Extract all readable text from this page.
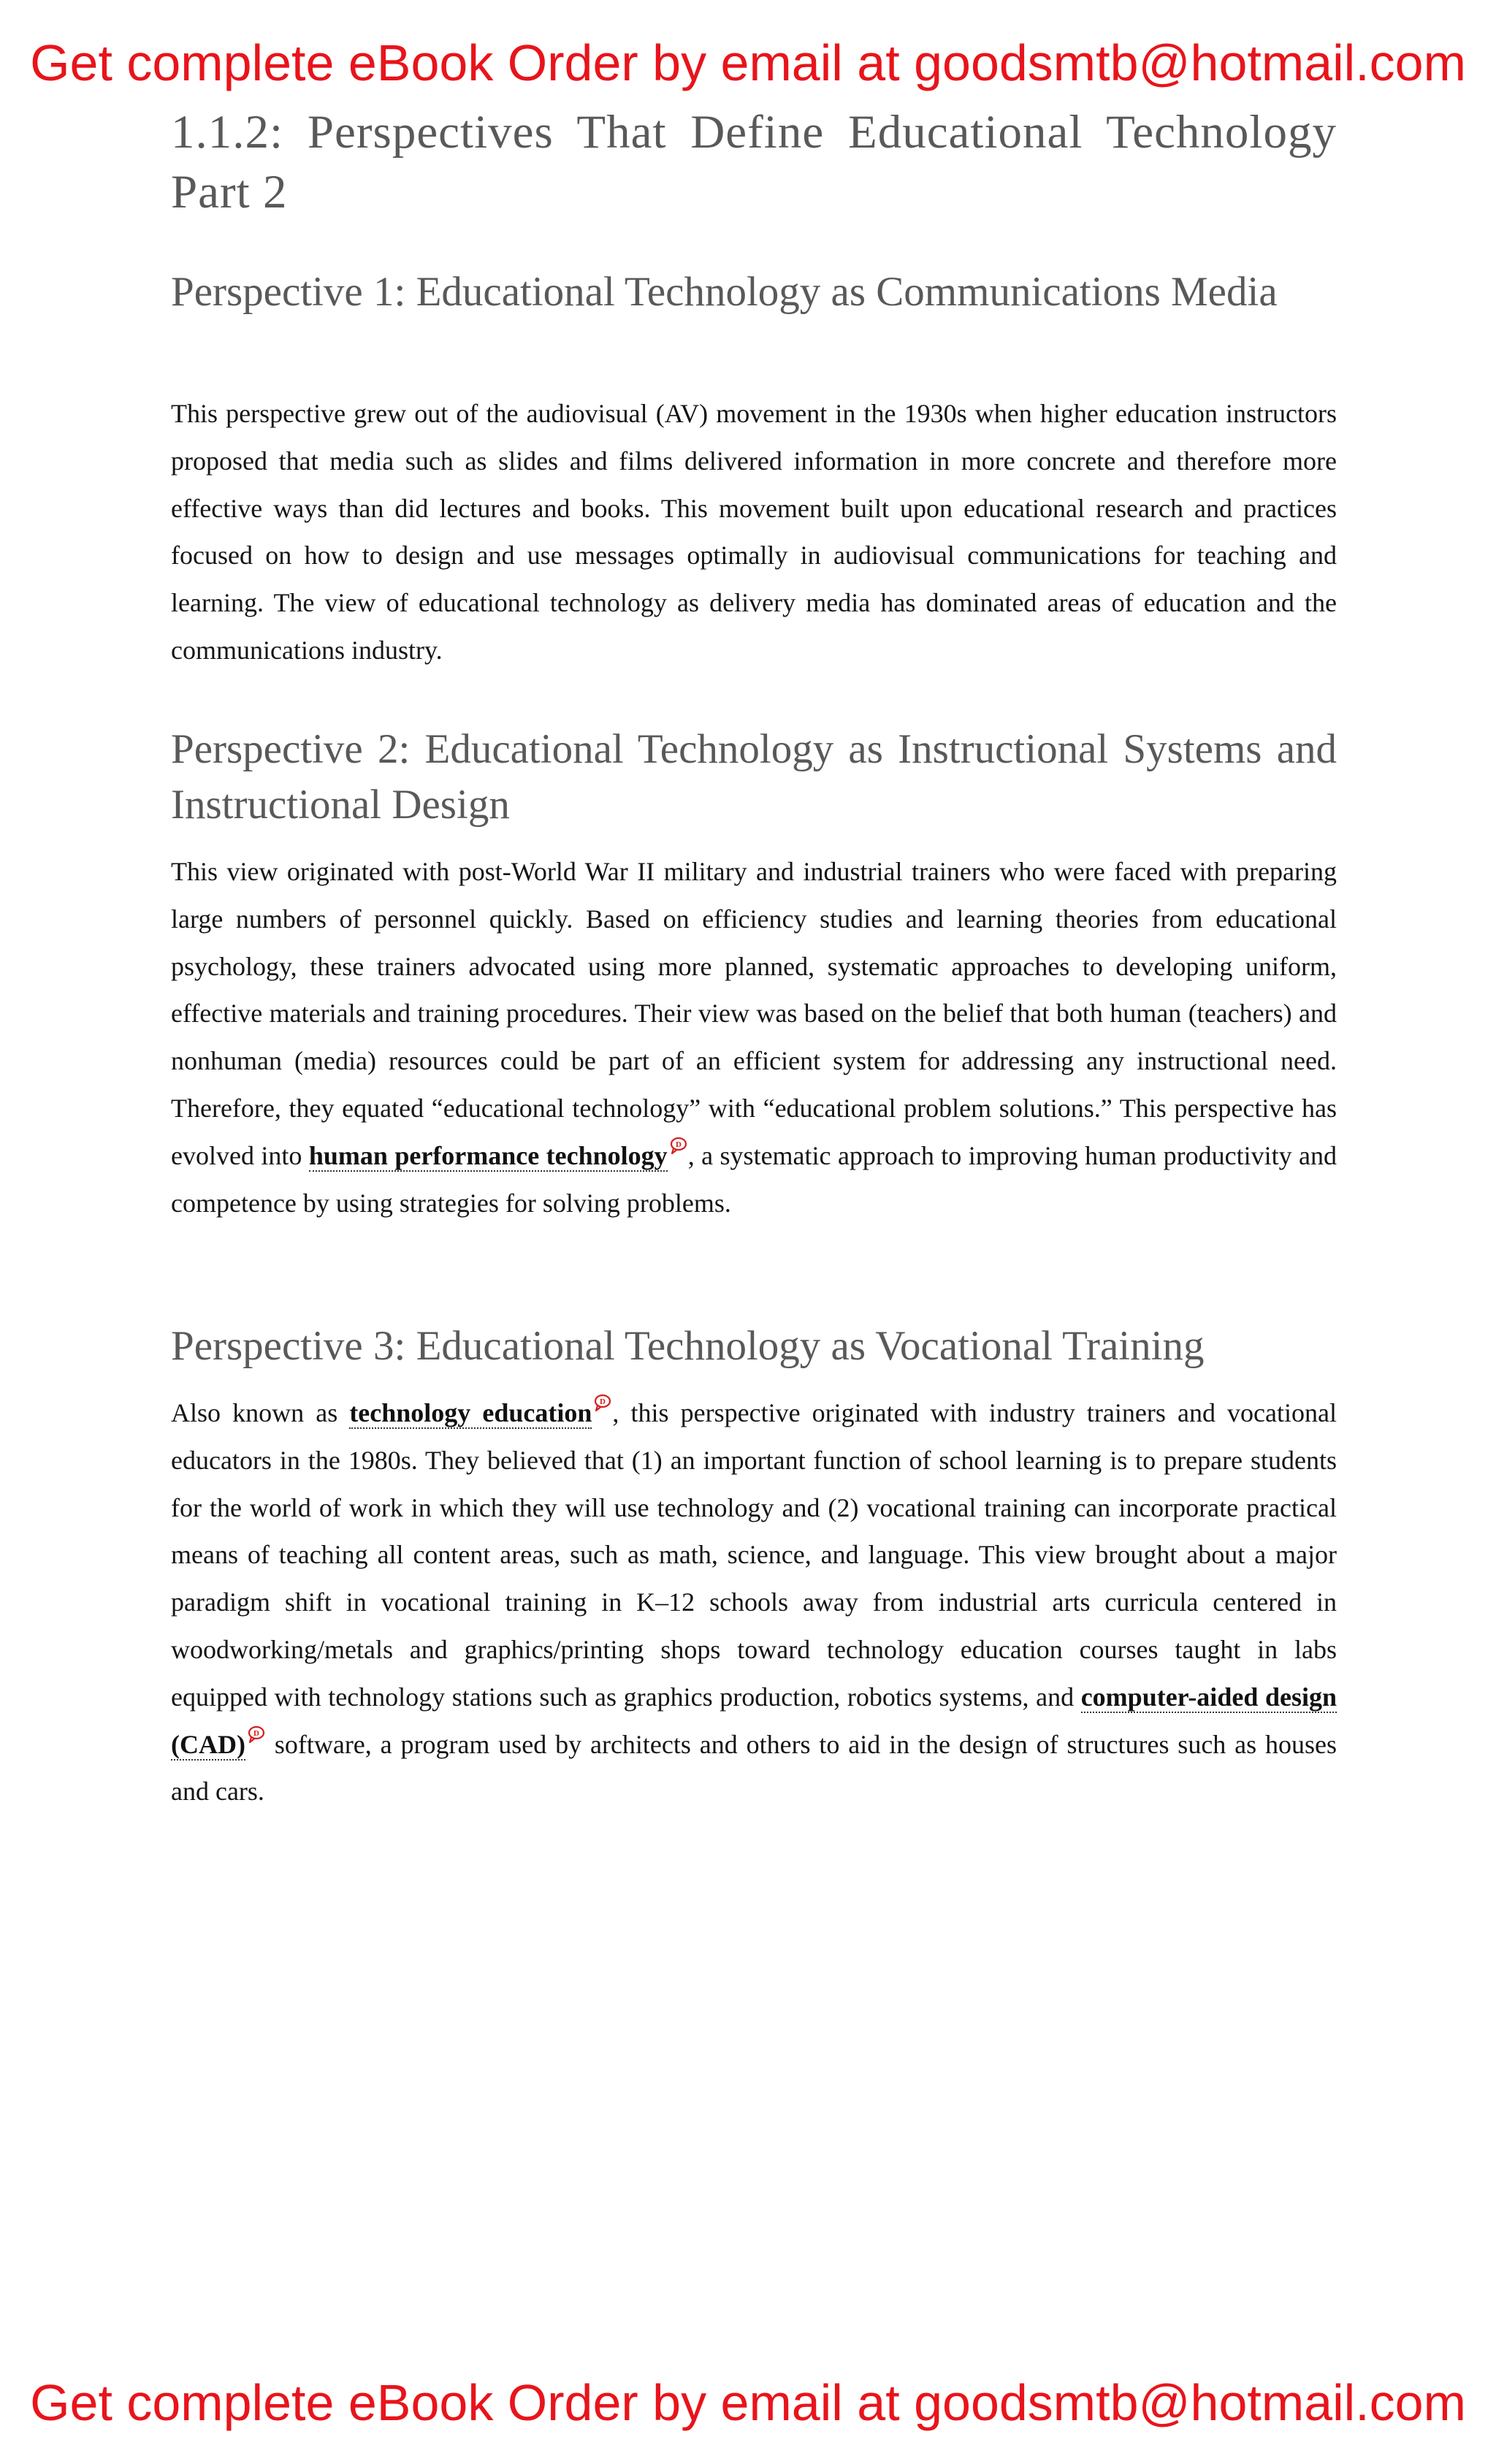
Get complete eBook Order by email at goodsmtb@hotmail.com
1.1.2: Perspectives That Define Educational Technology Part 2
Perspective 1: Educational Technology as Communications Media

This perspective grew out of the audiovisual (AV) movement in the 1930s when higher education instructors proposed that media such as slides and films delivered information in more concrete and therefore more effective ways than did lectures and books. This movement built upon educational research and practices focused on how to design and use messages optimally in audiovisual communications for teaching and learning. The view of educational technology as delivery media has dominated areas of education and the communications industry.

Perspective 2: Educational Technology as Instructional Systems and Instructional Design

This view originated with post-World War II military and industrial trainers who were faced with preparing large numbers of personnel quickly. Based on efficiency studies and learning theories from educational psychology, these trainers advocated using more planned, systematic approaches to developing uniform, effective materials and training procedures. Their view was based on the belief that both human (teachers) and nonhuman (media) resources could be part of an efficient system for addressing any instructional need. Therefore, they equated “educational technology” with “educational problem solutions.” This perspective has evolved into human performance technology D , a systematic approach to improving human productivity and competence by using strategies for solving problems.

Perspective 3: Educational Technology as Vocational Training

Also known as technology education D , this perspective originated with industry trainers and vocational educators in the 1980s. They believed that (1) an important function of school learning is to prepare students for the world of work in which they will use technology and (2) vocational training can incorporate practical means of teaching all content areas, such as math, science, and language. This view brought about a major paradigm shift in vocational training in K–12 schools away from industrial arts curricula centered in woodworking/metals and graphics/printing shops toward technology education courses taught in labs equipped with technology stations such as graphics production, robotics systems, and computer-aided design (CAD) D software, a program used by architects and others to aid in the design of structures such as houses and cars.

Get complete eBook Order by email at goodsmtb@hotmail.com
